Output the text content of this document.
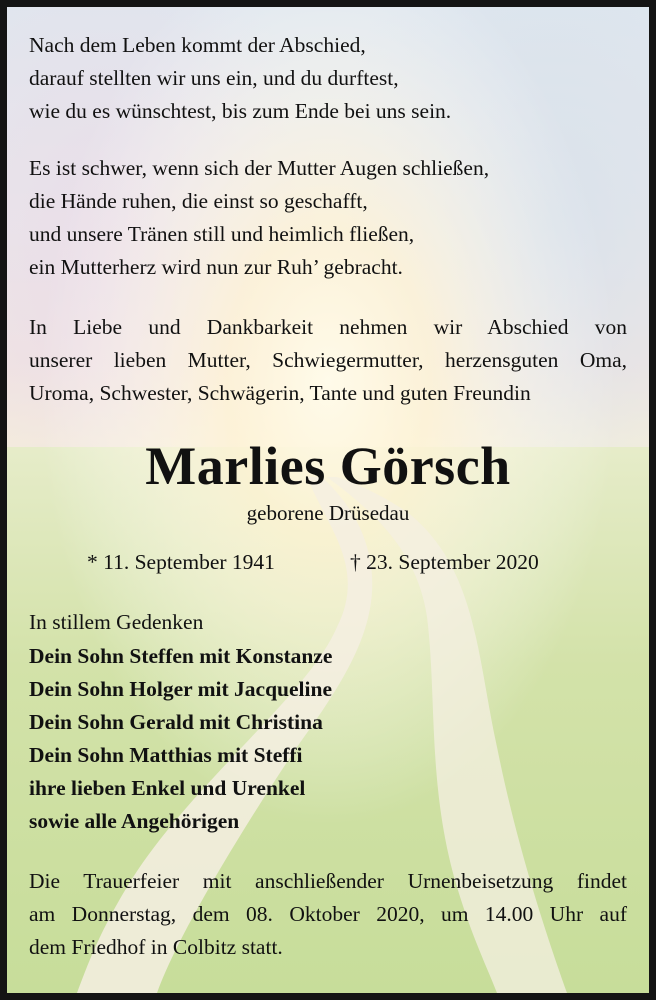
Nach dem Leben kommt der Abschied,
darauf stellten wir uns ein, und du durftest,
wie du es wünschtest, bis zum Ende bei uns sein.
Es ist schwer, wenn sich der Mutter Augen schließen,
die Hände ruhen, die einst so geschafft,
und unsere Tränen still und heimlich fließen,
ein Mutterherz wird nun zur Ruh’ gebracht.
In Liebe und Dankbarkeit nehmen wir Abschied von
unserer lieben Mutter, Schwiegermutter, herzensguten Oma,
Uroma, Schwester, Schwägerin, Tante und guten Freundin
Marlies Görsch
geborene Drüsedau
* 11. September 1941	† 23. September 2020
In stillem Gedenken
Dein Sohn Steffen mit Konstanze
Dein Sohn Holger mit Jacqueline
Dein Sohn Gerald mit Christina
Dein Sohn Matthias mit Steffi
ihre lieben Enkel und Urenkel
sowie alle Angehörigen
Die Trauerfeier mit anschließender Urnenbeisetzung findet
am Donnerstag, dem 08. Oktober 2020, um 14.00 Uhr auf
dem Friedhof in Colbitz statt.
